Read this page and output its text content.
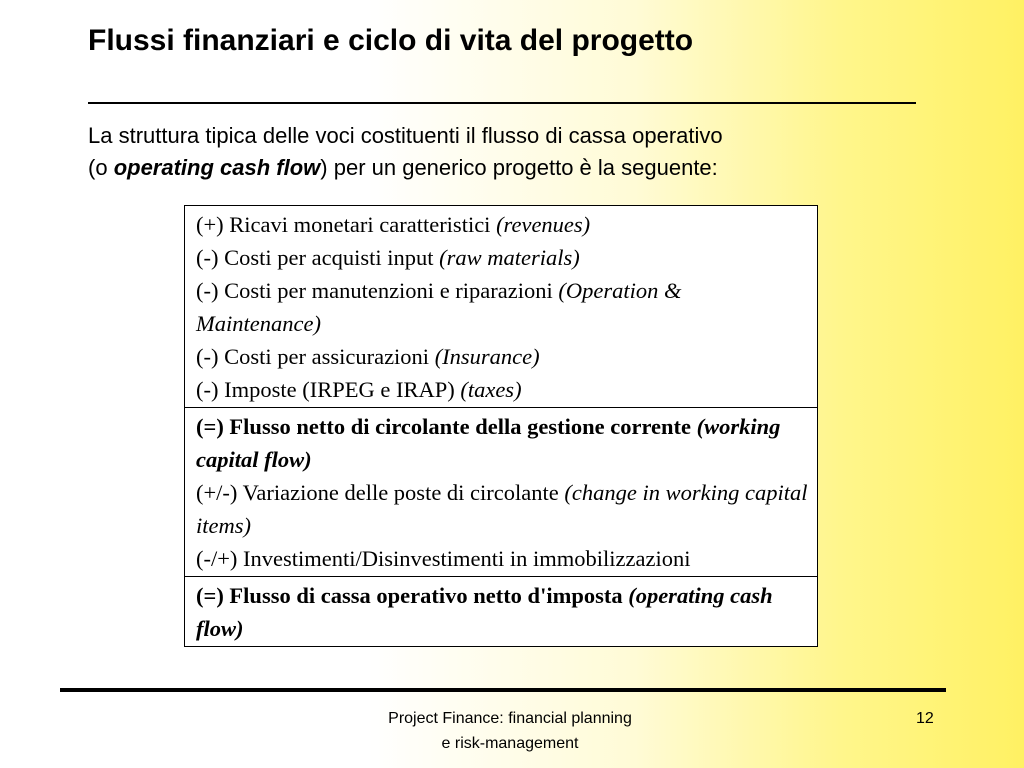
Flussi finanziari e ciclo di vita del progetto
La struttura tipica delle voci costituenti il flusso di cassa operativo
(o operating cash flow) per un generico progetto è la seguente:
(+) Ricavi monetari caratteristici (revenues)
(-) Costi per acquisti input (raw materials)
(-) Costi per manutenzioni e riparazioni (Operation & Maintenance)
(-) Costi per assicurazioni (Insurance)
(-) Imposte (IRPEG e IRAP) (taxes)
(=) Flusso netto di circolante della gestione corrente (working capital flow)
(+/-) Variazione delle poste di circolante (change in working capital items)
(-/+) Investimenti/Disinvestimenti in immobilizzazioni
(=) Flusso di cassa operativo netto d'imposta (operating cash flow)
Project Finance: financial planning
e risk-management
12
